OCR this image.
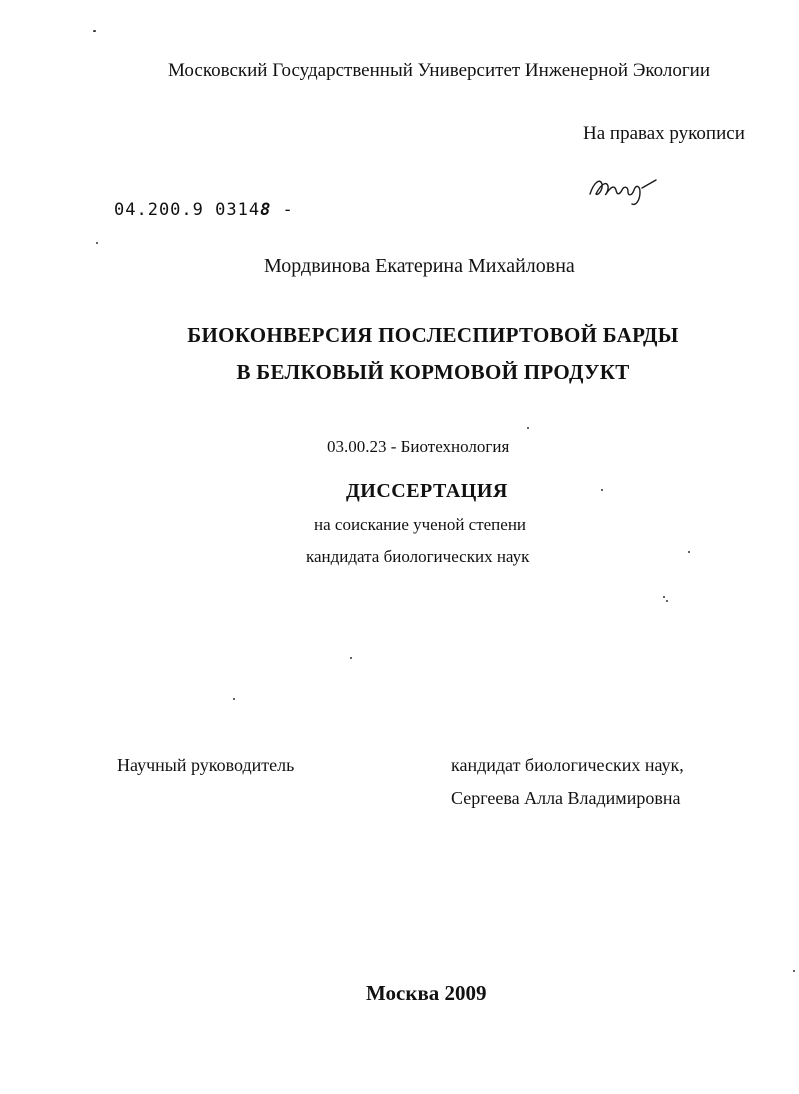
Московский Государственный Университет Инженерной Экологии
На правах рукописи
04.200.9 03148 -
Мордвинова Екатерина Михайловна
БИОКОНВЕРСИЯ ПОСЛЕСПИРТОВОЙ БАРДЫ
В БЕЛКОВЫЙ КОРМОВОЙ ПРОДУКТ
03.00.23 - Биотехнология
ДИССЕРТАЦИЯ
на соискание ученой степени
кандидата биологических наук
Научный руководитель	кандидат биологических наук,
Сергеева Алла Владимировна
Москва 2009
